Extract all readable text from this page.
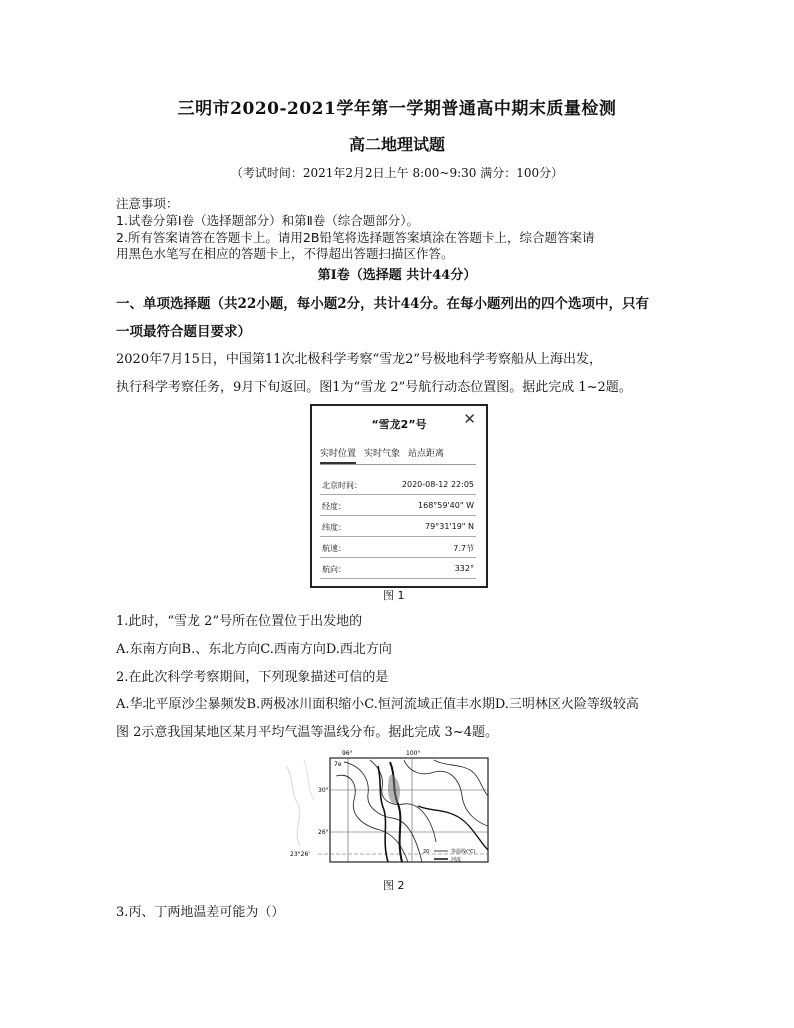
三明市2020-2021学年第一学期普通高中期末质量检测
高二地理试题
（考试时间：2021年2月2日上午 8:00~9:30 满分：100分）
注意事项：
1.试卷分第Ⅰ卷（选择题部分）和第Ⅱ卷（综合题部分）。
2.所有答案请答在答题卡上。请用2B铅笔将选择题答案填涂在答题卡上，综合题答案请
用黑色水笔写在相应的答题卡上，不得超出答题扫描区作答。
第Ⅰ卷（选择题 共计44分）
一、单项选择题（共22小题，每小题2分，共计44分。在每小题列出的四个选项中，只有
一项最符合题目要求）
2020年7月15日，中国第11次北极科学考察“雪龙2”号极地科学考察船从上海出发，
执行科学考察任务，9月下旬返回。图1为“雪龙 2”号航行动态位置图。据此完成 1~2题。
“雪龙2”号	✕
实时位置 实时气象 站点距离
北京时间：	2020-08-12 22:05
经度：	168°59'40" W
纬度：	79°31'19" N
航速：	7.7节
航向：	332°
图 1
1.此时，“雪龙 2”号所在位置位于出发地的
A.东南方向B.、东北方向C.西南方向D.西北方向
2.在此次科学考察期间，下列现象描述可信的是
A.华北平原沙尘暴频发B.两极冰川面积缩小C.恒河流域正值丰水期D.三明林区火险等级较高
图 2示意我国某地区某月平均气温等温线分布。据此完成 3~4题。
96°	100°
30°
26°
23°26'
7e
20	等温线(℃)
河流
图 2
3.丙、丁两地温差可能为（）
